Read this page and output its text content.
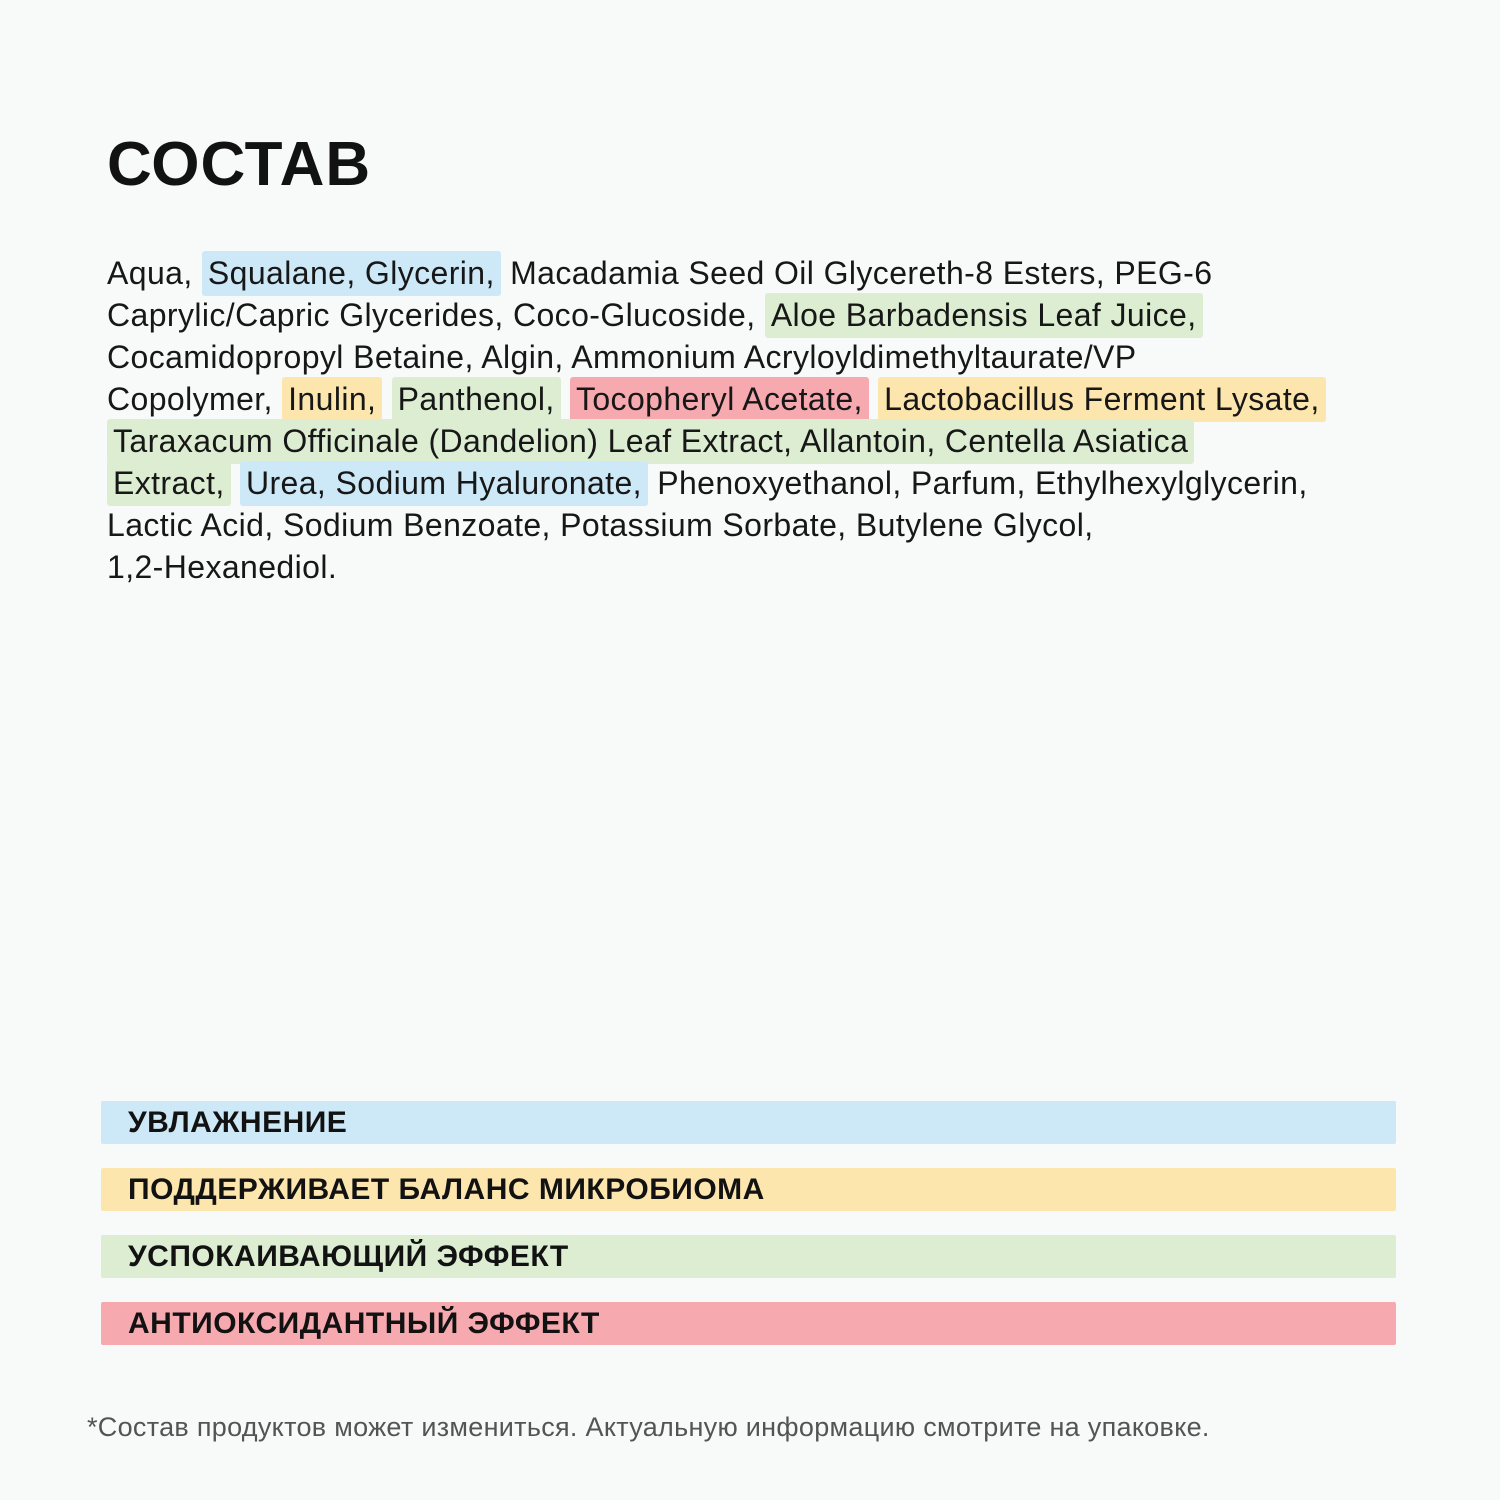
СОСТАВ
Aqua, Squalane, Glycerin, Macadamia Seed Oil Glycereth-8 Esters, PEG-6
Caprylic/Capric Glycerides, Coco-Glucoside, Aloe Barbadensis Leaf Juice,
Cocamidopropyl Betaine, Algin, Ammonium Acryloyldimethyltaurate/VP
Copolymer, Inulin, Panthenol, Tocopheryl Acetate, Lactobacillus Ferment Lysate,
Taraxacum Officinale (Dandelion) Leaf Extract, Allantoin, Centella Asiatica
Extract, Urea, Sodium Hyaluronate, Phenoxyethanol, Parfum, Ethylhexylglycerin,
Lactic Acid, Sodium Benzoate, Potassium Sorbate, Butylene Glycol,
1,2-Hexanediol.
УВЛАЖНЕНИЕ
ПОДДЕРЖИВАЕТ БАЛАНС МИКРОБИОМА
УСПОКАИВАЮЩИЙ ЭФФЕКТ
АНТИОКСИДАНТНЫЙ ЭФФЕКТ
*Состав продуктов может измениться. Актуальную информацию смотрите на упаковке.
